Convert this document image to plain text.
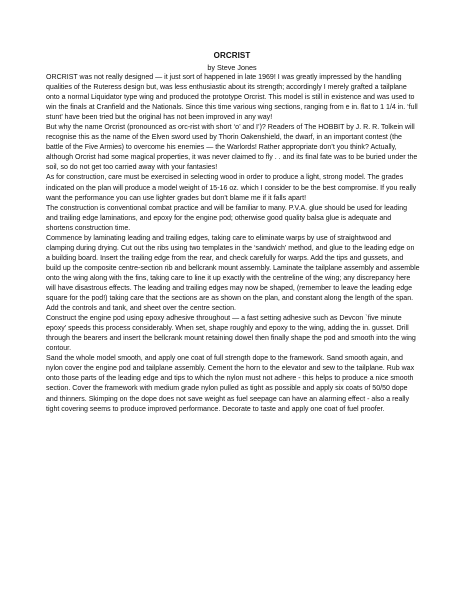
ORCRIST
by Steve Jones

ORCRIST was not really designed — it just sort of happened in late 1969! I was greatly impressed by the handling qualities of the Ruteress design but, was less enthusiastic about its strength; accordingly I merely grafted a tailplane onto a normal Liquidator type wing and produced the prototype Orcrist. This model is still in existence and was used to win the finals at Cranfield and the Nationals. Since this time various wing sections, ranging from e in. flat to 1 1/4 in. ‘full stunt’ have been tried but the original has not been improved in any way!

But why the name Orcrist (pronounced as orc-rist with short ‘o’ and I’)? Readers of The HOBBIT by J. R. R. Tolkein will recognise this as the name of the Elven sword used by Thorin Oakenshield, the dwarf, in an important contest (the battle of the Five Armies) to overcome his enemies — the Warlords! Rather appropriate don’t you think? Actually, although Orcrist had some magical properties, it was never claimed to fly . . and its final fate was to be buried under the soil, so do not get too carried away with your fantasies!

As for construction, care must be exercised in selecting wood in order to produce a light, strong model. The grades indicated on the plan will produce a model weight of 15-16 oz. which I consider to be the best compromise. If you really want the performance you can use lighter grades but don’t blame me if it falls apart!

The construction is conventional combat practice and will be familiar to many. P.V.A. glue should be used for leading and trailing edge laminations, and epoxy for the engine pod; otherwise good quality balsa glue is adequate and shortens construction time.

Commence by laminating leading and trailing edges, taking care to eliminate warps by use of straightwood and clamping during drying. Cut out the ribs using two templates in the ‘sandwich’ method, and glue to the leading edge on a building board. Insert the trailing edge from the rear, and check carefully for warps. Add the tips and gussets, and build up the composite centre-section rib and bellcrank mount assembly. Laminate the tailplane assembly and assemble onto the wing along with the fins, taking care to line it up exactly with the centreline of the wing; any discrepancy here will have disastrous effects. The leading and trailing edges may now be shaped, (remember to leave the leading edge square for the pod!) taking care that the sections are as shown on the plan, and constant along the length of the span. Add the controls and tank, and sheet over the centre section.

Construct the engine pod using epoxy adhesive throughout — a fast setting adhesive such as Devcon `five minute epoxy’ speeds this process considerably. When set, shape roughly and epoxy to the wing, adding the in. gusset. Drill through the bearers and insert the bellcrank mount retaining dowel then finally shape the pod and smooth into the wing contour.

Sand the whole model smooth, and apply one coat of full strength dope to the framework. Sand smooth again, and nylon cover the engine pod and tailplane assembly. Cement the horn to the elevator and sew to the tailplane. Rub wax onto those parts of the leading edge and tips to which the nylon must not adhere - this helps to produce a nice smooth section. Cover the framework with medium grade nylon pulled as tight as possible and apply six coats of 50/50 dope and thinners. Skimping on the dope does not save weight as fuel seepage can have an alarming effect - also a really tight covering seems to produce improved performance. Decorate to taste and apply one coat of fuel proofer.
